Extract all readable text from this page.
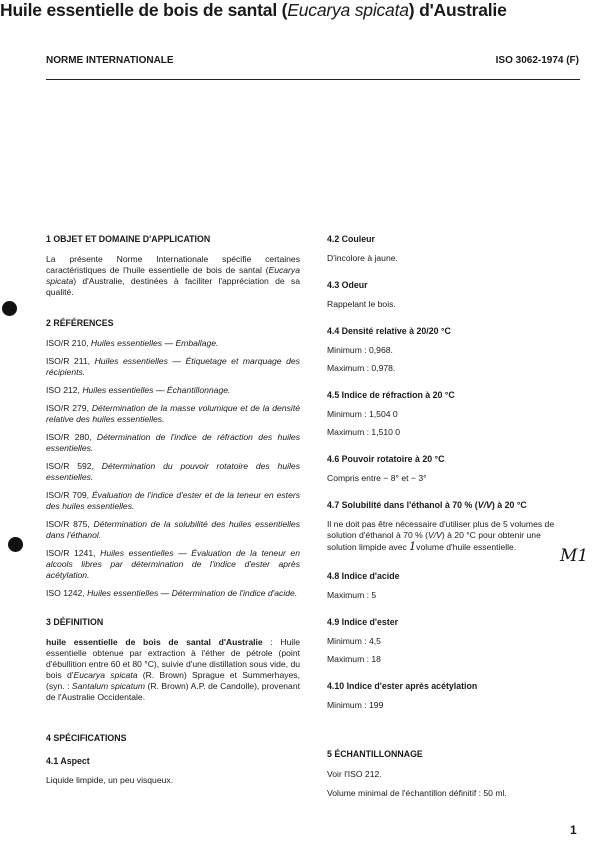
NORME INTERNATIONALE	ISO 3062-1974 (F)
Huile essentielle de bois de santal (Eucarya spicata) d'Australie

1 OBJET ET DOMAINE D'APPLICATION

La présente Norme Internationale spécifie certaines caractéristiques de l'huile essentielle de bois de santal (Eucarya spicata) d'Australie, destinées à faciliter l'appréciation de sa qualité.

2 RÉFÉRENCES

ISO/R 210, Huiles essentielles — Emballage.

ISO/R 211, Huiles essentielles — Étiquetage et marquage des récipients.

ISO 212, Huiles essentielles — Échantillonnage.

ISO/R 279, Détermination de la masse volumique et de la densité relative des huiles essentielles.

ISO/R 280, Détermination de l'indice de réfraction des huiles essentielles.

ISO/R 592, Détermination du pouvoir rotatoire des huiles essentielles.

ISO/R 709, Évaluation de l'indice d'ester et de la teneur en esters des huiles essentielles.

ISO/R 875, Détermination de la solubilité des huiles essentielles dans l'éthanol.

ISO/R 1241, Huiles essentielles — Évaluation de la teneur en alcools libres par détermination de l'indice d'ester après acétylation.

ISO 1242, Huiles essentielles — Détermination de l'indice d'acide.

3 DÉFINITION

huile essentielle de bois de santal d'Australie : Huile essentielle obtenue par extraction à l'éther de pétrole (point d'ébullition entre 60 et 80 °C), suivie d'une distillation sous vide, du bois d'Eucarya spicata (R. Brown) Sprague et Summerhayes, (syn. : Santalum spicatum (R. Brown) A.P. de Candolle), provenant de l'Australie Occidentale.

4 SPÉCIFICATIONS

4.1 Aspect

Liquide limpide, un peu visqueux.

4.2 Couleur

D'incolore à jaune.

4.3 Odeur

Rappelant le bois.

4.4 Densité relative à 20/20 °C

Minimum : 0,968.

Maximum : 0,978.

4.5 Indice de réfraction à 20 °C

Minimum : 1,504 0

Maximum : 1,510 0

4.6 Pouvoir rotatoire à 20 °C

Compris entre − 8° et − 3°

4.7 Solubilité dans l'éthanol à 70 % (V/V) à 20 °C

Il ne doit pas être nécessaire d'utiliser plus de 5 volumes de solution d'éthanol à 70 % (V/V) à 20 °C pour obtenir une solution limpide avec 1volume d'huile essentielle.

4.8 Indice d'acide

Maximum : 5

4.9 Indice d'ester

Minimum : 4,5

Maximum : 18

4.10 Indice d'ester après acétylation

Minimum : 199

5 ÉCHANTILLONNAGE

Voir l'ISO 212.

Volume minimal de l'échantillon définitif : 50 ml.

M1
1
